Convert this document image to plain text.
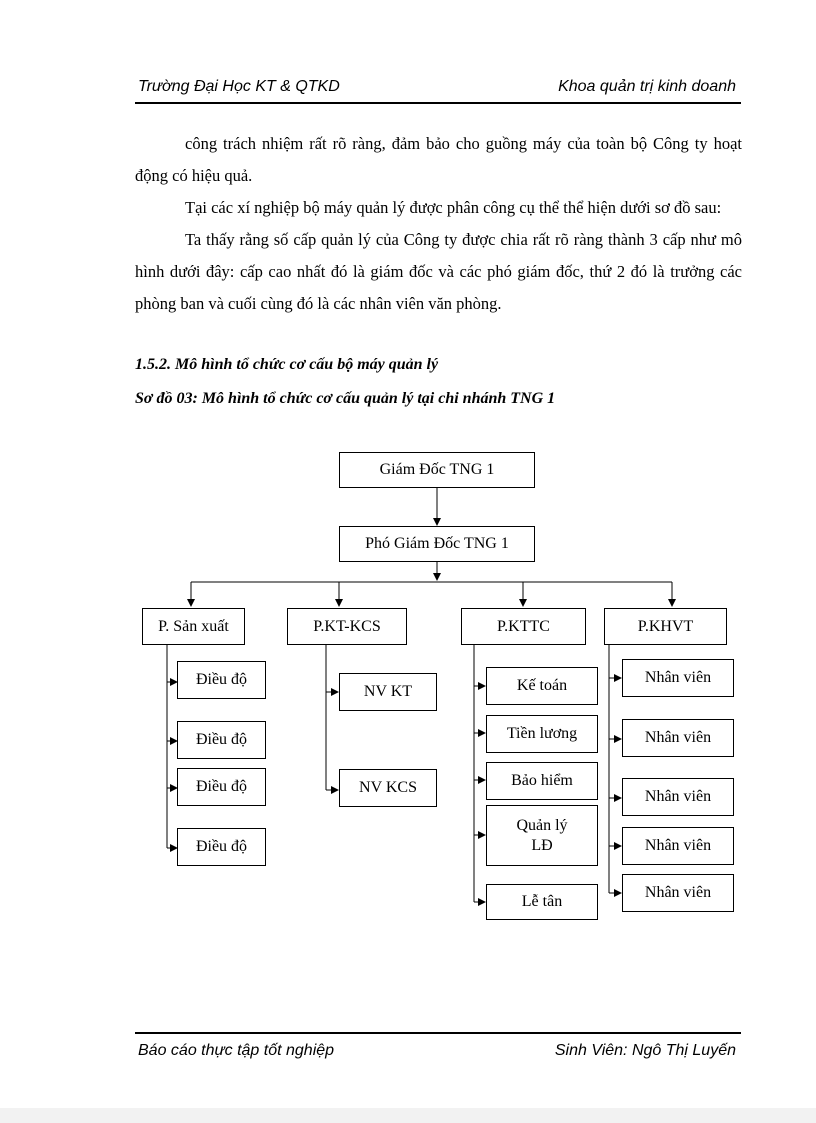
Trường Đại Học KT & QTKD	Khoa quản trị kinh doanh

công trách nhiệm rất rõ ràng, đảm bảo cho guồng máy của toàn bộ Công ty hoạt động có hiệu quả.

Tại các xí nghiệp bộ máy quản lý được phân công cụ thể thể hiện dưới sơ đồ sau:

Ta thấy rằng số cấp quản lý của Công ty được chia rất rõ ràng thành 3 cấp như mô hình dưới đây: cấp cao nhất đó là giám đốc và các phó giám đốc, thứ 2 đó là trưởng các phòng ban và cuối cùng đó là các nhân viên văn phòng.

1.5.2. Mô hình tổ chức cơ cấu bộ máy quản lý
Sơ đồ 03: Mô hình tổ chức cơ cấu quản lý tại chi nhánh TNG 1
Giám Đốc TNG 1
Phó Giám Đốc TNG 1
P. Sản xuất	P.KT-KCS	P.KTTC	P.KHVT
Điều độ
Điều độ
Điều độ
Điều độ
NV KT
NV KCS
Kế toán
Tiền lương
Bảo hiểm
Quản lý LĐ
Lễ tân
Nhân viên
Nhân viên
Nhân viên
Nhân viên
Nhân viên
Báo cáo thực tập tốt nghiệp	Sinh Viên: Ngô Thị Luyến
